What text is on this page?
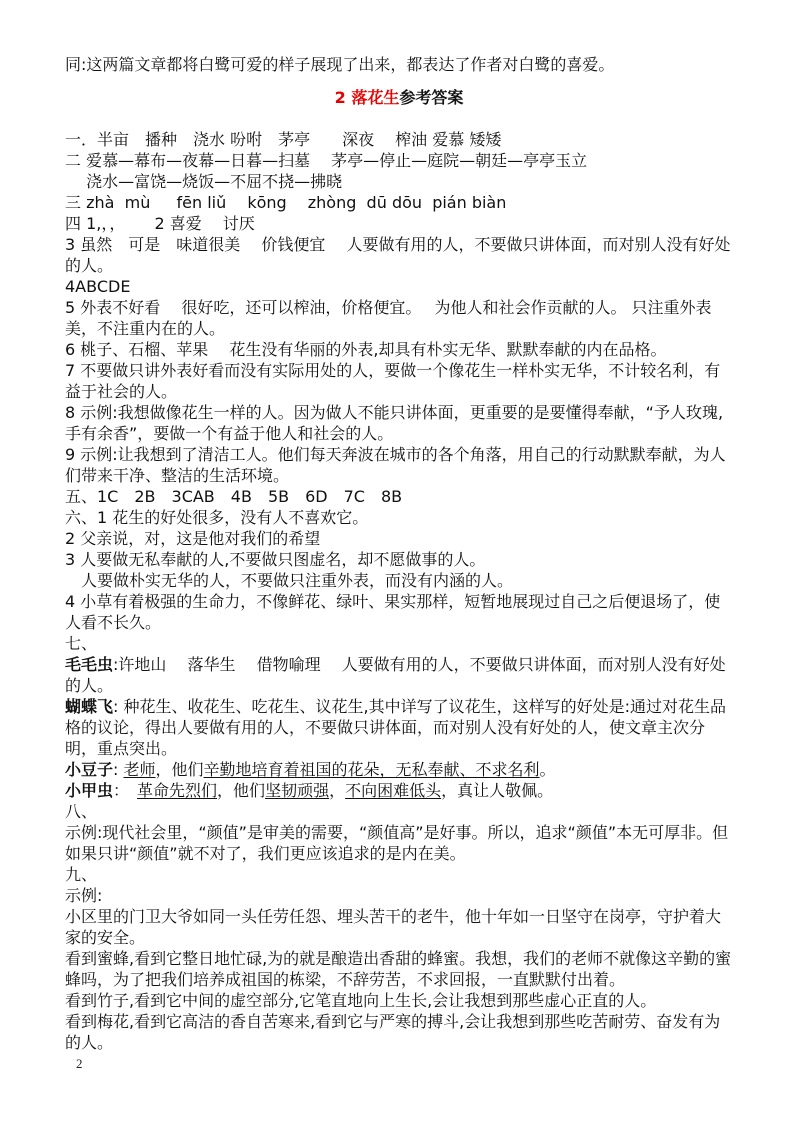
同:这两篇文章都将白鹭可爱的样子展现了出来，都表达了作者对白鹭的喜爱。
2 落花生参考答案

一．半亩　播种　浇水 吩咐　茅亭　　深夜　 榨油 爱慕 矮矮
二 爱慕—幕布—夜幕—日暮—扫墓　 茅亭—停止—庭院—朝廷—亭亭玉立
　 浇水—富饶—烧饭—不屈不挠—拂晓
三 zhà  mù　  fēn liǔ　 kōng　 zhòng  dū dōu  pián biàn
四 1,，，　　 2 喜爱　 讨厌
3 虽然　可是　味道很美　 价钱便宜　 人要做有用的人，不要做只讲体面，而对别人没有好处的人。
4ABCDE
5 外表不好看　 很好吃，还可以榨油，价格便宜。　 为他人和社会作贡献的人。 只注重外表美，不注重内在的人。
6 桃子、石榴、苹果　 花生没有华丽的外表,却具有朴实无华、默默奉献的内在品格。
7 不要做只讲外表好看而没有实际用处的人，要做一个像花生一样朴实无华，不计较名利，有益于社会的人。
8 示例:我想做像花生一样的人。因为做人不能只讲体面，更重要的是要懂得奉献，“予人玫瑰,手有余香”，要做一个有益于他人和社会的人。
9 示例:让我想到了清洁工人。他们每天奔波在城市的各个角落，用自己的行动默默奉献，为人们带来干净、整洁的生活环境。
五、1C　2B　3CAB　4B　5B　6D　7C　8B
六、1 花生的好处很多，没有人不喜欢它。
2 父亲说，对，这是他对我们的希望
3 人要做无私奉献的人,不要做只图虚名，却不愿做事的人。
　人要做朴实无华的人，不要做只注重外表，而没有内涵的人。
4 小草有着极强的生命力，不像鲜花、绿叶、果实那样，短暂地展现过自己之后便退场了，使人看不长久。
七、
毛毛虫:许地山　 落华生　 借物喻理　 人要做有用的人，不要做只讲体面，而对别人没有好处的人。
蝴蝶飞: 种花生、收花生、吃花生、议花生,其中详写了议花生，这样写的好处是:通过对花生品格的议论，得出人要做有用的人，不要做只讲体面，而对别人没有好处的人，使文章主次分明，重点突出。
小豆子: 老师，他们辛勤地培育着祖国的花朵，无私奉献、不求名利。
小甲虫：　革命先烈们，他们坚韧顽强，不向困难低头，真让人敬佩。
八、
示例:现代社会里，“颜值”是审美的需要，“颜值高”是好事。所以，追求“颜值”本无可厚非。但如果只讲“颜值”就不对了，我们更应该追求的是内在美。
九、
示例:
小区里的门卫大爷如同一头任劳任怨、埋头苦干的老牛，他十年如一日坚守在岗亭，守护着大家的安全。
看到蜜蜂,看到它整日地忙碌,为的就是酿造出香甜的蜂蜜。我想，我们的老师不就像这辛勤的蜜蜂吗，为了把我们培养成祖国的栋梁，不辞劳苦，不求回报，一直默默付出着。
看到竹子,看到它中间的虚空部分,它笔直地向上生长,会让我想到那些虚心正直的人。
看到梅花,看到它高洁的香自苦寒来,看到它与严寒的搏斗,会让我想到那些吃苦耐劳、奋发有为的人。
2
